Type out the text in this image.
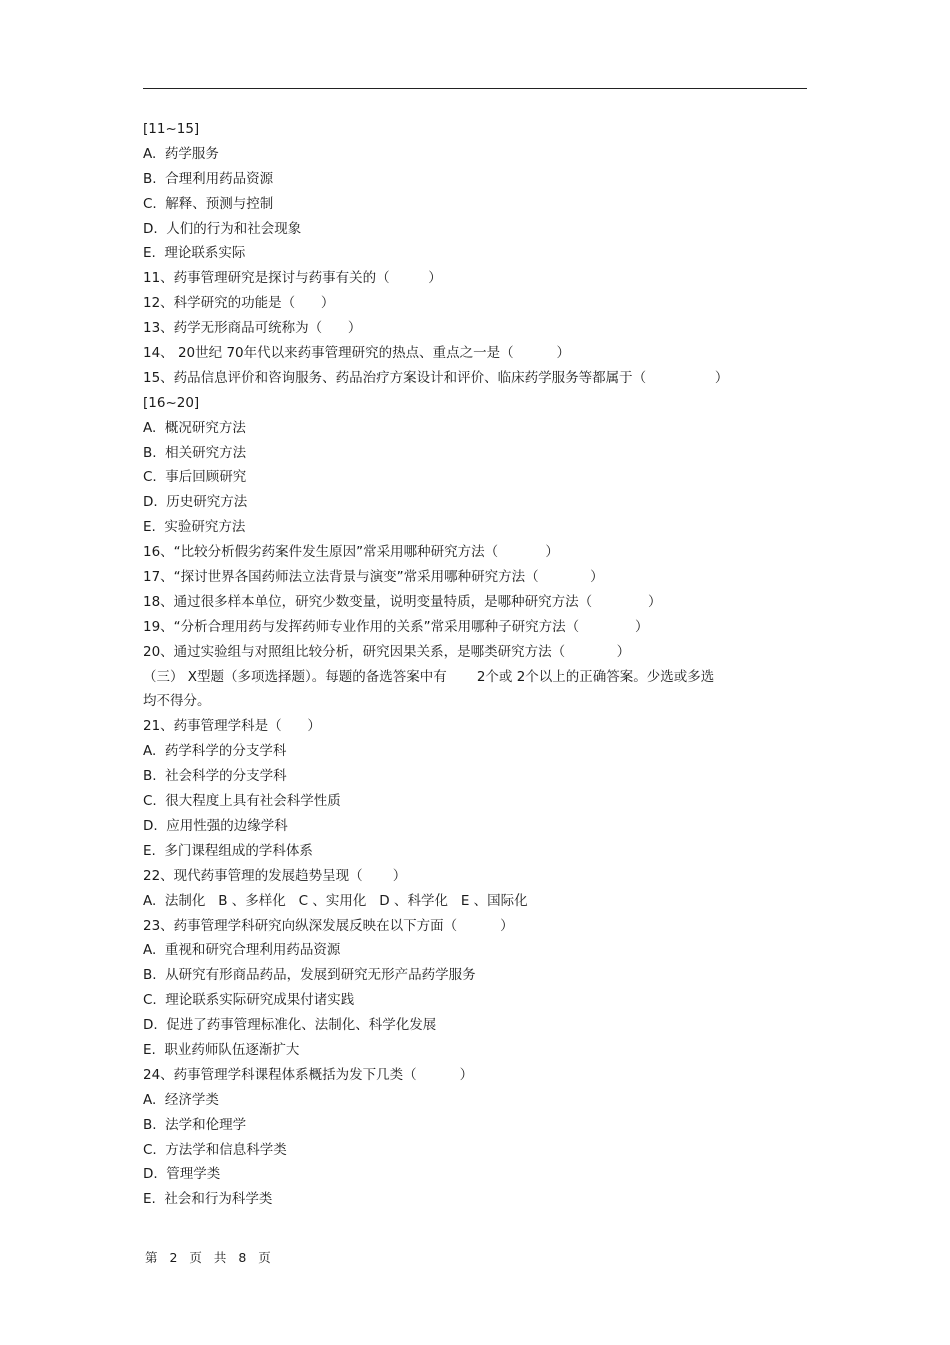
[11~15]
A.  药学服务
B.  合理利用药品资源
C.  解释、预测与控制
D.  人们的行为和社会现象
E.  理论联系实际
11、药事管理研究是探讨与药事有关的（         ）
12、科学研究的功能是（      ）
13、药学无形商品可统称为（      ）
14、 20世纪 70年代以来药事管理研究的热点、重点之一是（          ）
15、药品信息评价和咨询服务、药品治疗方案设计和评价、临床药学服务等都属于（                ）
[16~20]
A.  概况研究方法
B.  相关研究方法
C.  事后回顾研究
D.  历史研究方法
E.  实验研究方法
16、“比较分析假劣药案件发生原因”常采用哪种研究方法（           ）
17、“探讨世界各国药师法立法背景与演变”常采用哪种研究方法（            ）
18、通过很多样本单位，研究少数变量，说明变量特质，是哪种研究方法（             ）
19、“分析合理用药与发挥药师专业作用的关系”常采用哪种子研究方法（             ）
20、通过实验组与对照组比较分析，研究因果关系，是哪类研究方法（            ）
（三） X型题（多项选择题）。每题的备选答案中有       2个或 2个以上的正确答案。少选或多选
均不得分。
21、药事管理学科是（      ）
A.  药学科学的分支学科
B.  社会科学的分支学科
C.  很大程度上具有社会科学性质
D.  应用性强的边缘学科
E.  多门课程组成的学科体系
22、现代药事管理的发展趋势呈现（       ）
A.  法制化   B 、多样化   C 、实用化   D 、科学化   E 、国际化
23、药事管理学科研究向纵深发展反映在以下方面（          ）
A.  重视和研究合理利用药品资源
B.  从研究有形商品药品，发展到研究无形产品药学服务
C.  理论联系实际研究成果付诸实践
D.  促进了药事管理标准化、法制化、科学化发展
E.  职业药师队伍逐渐扩大
24、药事管理学科课程体系概括为发下几类（          ）
A.  经济学类
B.  法学和伦理学
C.  方法学和信息科学类
D.  管理学类
E.  社会和行为科学类
第 2 页 共 8 页
